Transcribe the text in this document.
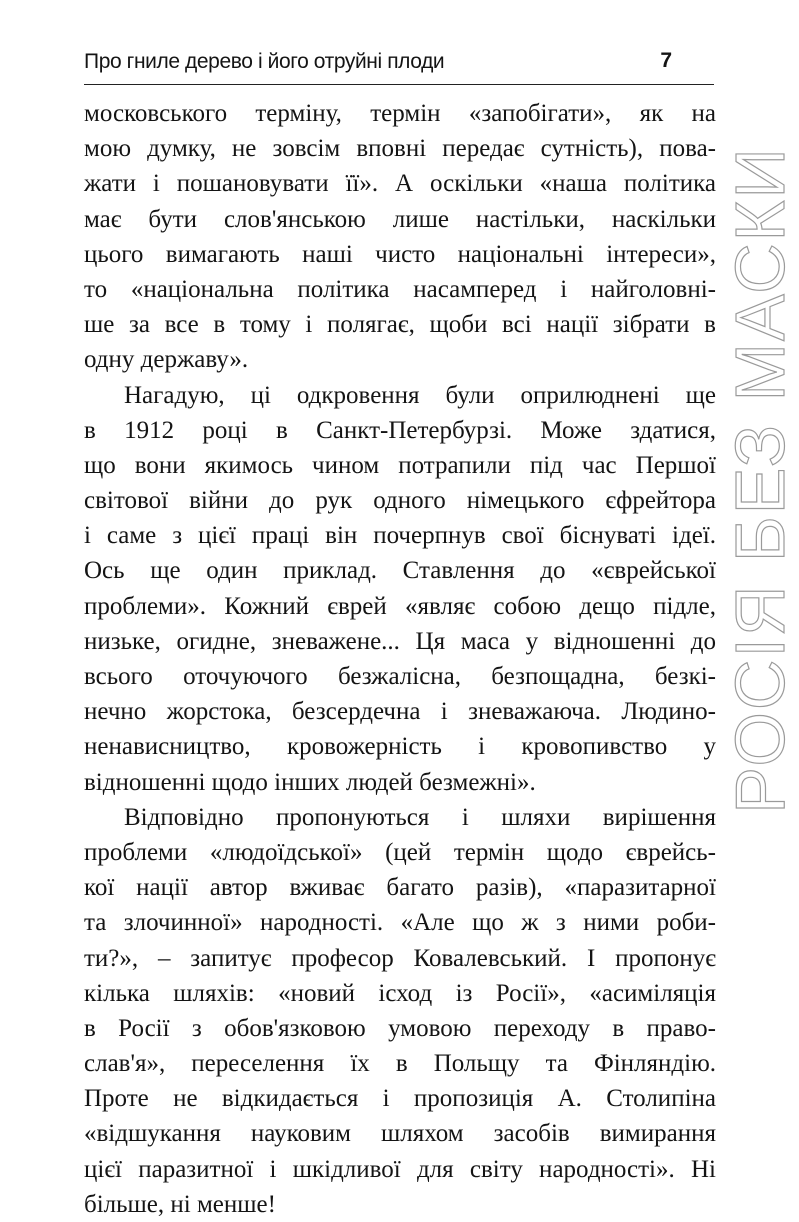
Про гниле дерево і його отруйні плоди	7
московського терміну, термін «запобігати», як на
мою думку, не зовсім вповні передає сутність), пова-
жати і пошановувати її». А оскільки «наша політика
має бути слов'янською лише настільки, наскільки
цього вимагають наші чисто національні інтереси»,
то «національна політика насамперед і найголовні-
ше за все в тому і полягає, щоби всі нації зібрати в
одну державу».
Нагадую, ці одкровення були оприлюднені ще
в 1912 році в Санкт-Петербурзі. Може здатися,
що вони якимось чином потрапили під час Першої
світової війни до рук одного німецького єфрейтора
і саме з цієї праці він почерпнув свої біснуваті ідеї.
Ось ще один приклад. Ставлення до «єврейської
проблеми». Кожний єврей «являє собою дещо підле,
низьке, огидне, зневажене... Ця маса у відношенні до
всього оточуючого безжалісна, безпощадна, безкі-
нечно жорстока, безсердечна і зневажаюча. Людино-
ненависництво, кровожерність і кровопивство у
відношенні щодо інших людей безмежні».
Відповідно пропонуються і шляхи вирішення
проблеми «людоїдської» (цей термін щодо єврейсь-
кої нації автор вживає багато разів), «паразитарної
та злочинної» народності. «Але що ж з ними роби-
ти?», – запитує професор Ковалевський. І пропонує
кілька шляхів: «новий ісход із Росії», «асиміляція
в Росії з обов'язковою умовою переходу в право-
слав'я», переселення їх в Польщу та Фінляндію.
Проте не відкидається і пропозиція А. Столипіна
«відшукання науковим шляхом засобів вимирання
цієї паразитної і шкідливої для світу народності». Ні
більше, ні менше!
РОСІЯ БЕЗ МАСКИ
